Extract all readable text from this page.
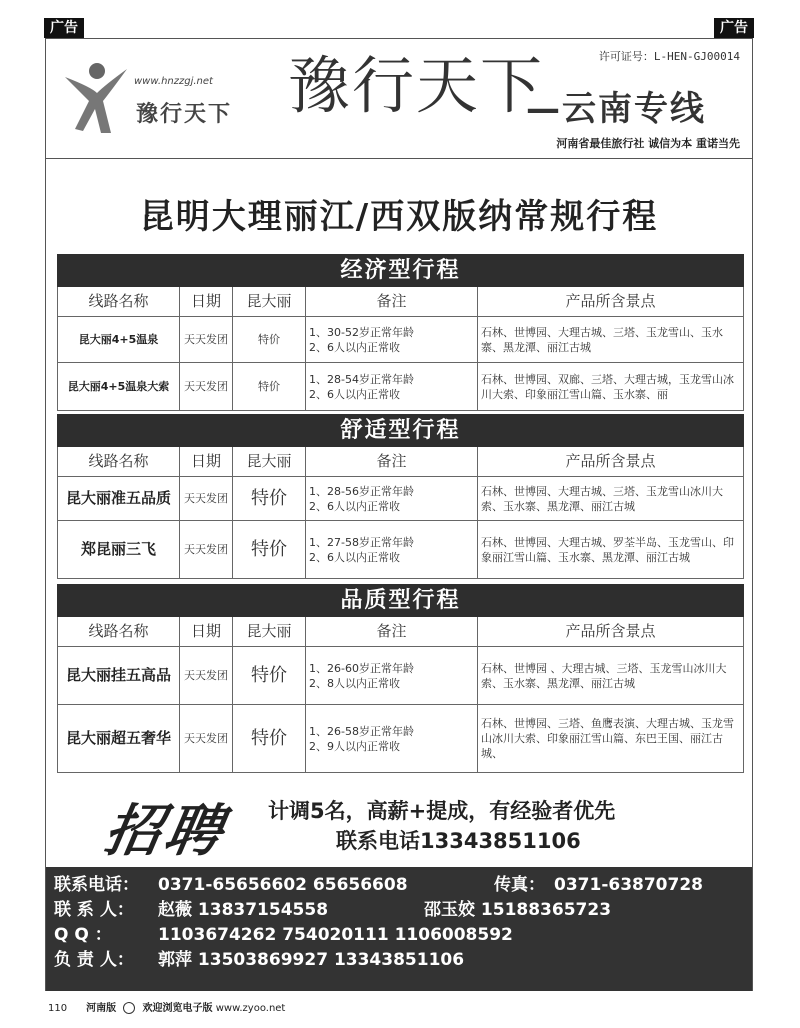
广告	广告
www.hnzzgj.net
豫行天下 豫行天下
—云南专线
许可证号：L-HEN-GJ00014
河南省最佳旅行社 诚信为本 重诺当先
昆明大理丽江/西双版纳常规行程
经济型行程				
线路名称	日期	昆大丽	备注	产品所含景点
昆大丽4+5温泉	天天发团	特价	1、30-52岁正常年龄
2、6人以内正常收	石林、世博园、大理古城、三塔、玉龙雪山、玉水寨、黑龙潭、丽江古城
昆大丽4+5温泉大索	天天发团	特价	1、28-54岁正常年龄
2、6人以内正常收	石林、世博园、双廊、三塔、大理古城，玉龙雪山冰川大索、印象丽江雪山篇、玉水寨、丽
舒适型行程				
线路名称	日期	昆大丽	备注	产品所含景点
昆大丽准五品质	天天发团	特价	1、28-56岁正常年龄
2、6人以内正常收	石林、世博园、大理古城、三塔、玉龙雪山冰川大索、玉水寨、黑龙潭、丽江古城
郑昆丽三飞	天天发团	特价	1、27-58岁正常年龄
2、6人以内正常收	石林、世博园、大理古城、罗荃半岛、玉龙雪山、印象丽江雪山篇、玉水寨、黑龙潭、丽江古城
品质型行程				
线路名称	日期	昆大丽	备注	产品所含景点
昆大丽挂五高品	天天发团	特价	1、26-60岁正常年龄
2、8人以内正常收	石林、世博园 、大理古城、三塔、玉龙雪山冰川大索、玉水寨、黑龙潭、丽江古城
昆大丽超五奢华	天天发团	特价	1、26-58岁正常年龄
2、9人以内正常收	石林、世博园、三塔、鱼鹰表演、大理古城、玉龙雪山冰川大索、印象丽江雪山篇、东巴王国、丽江古城、
招聘 计调5名，高薪+提成，有经验者优先
联系电话13343851106
联系电话： 0371-65656602 65656608	传真： 0371-63870728
联 系 人： 赵薇 13837154558	邵玉姣 15188365723
Q Q ：	1103674262 754020111 1106008592
负 责 人： 郭萍 13503869927 13343851106
110 河南版	欢迎浏览电子版 www.zyoo.net
